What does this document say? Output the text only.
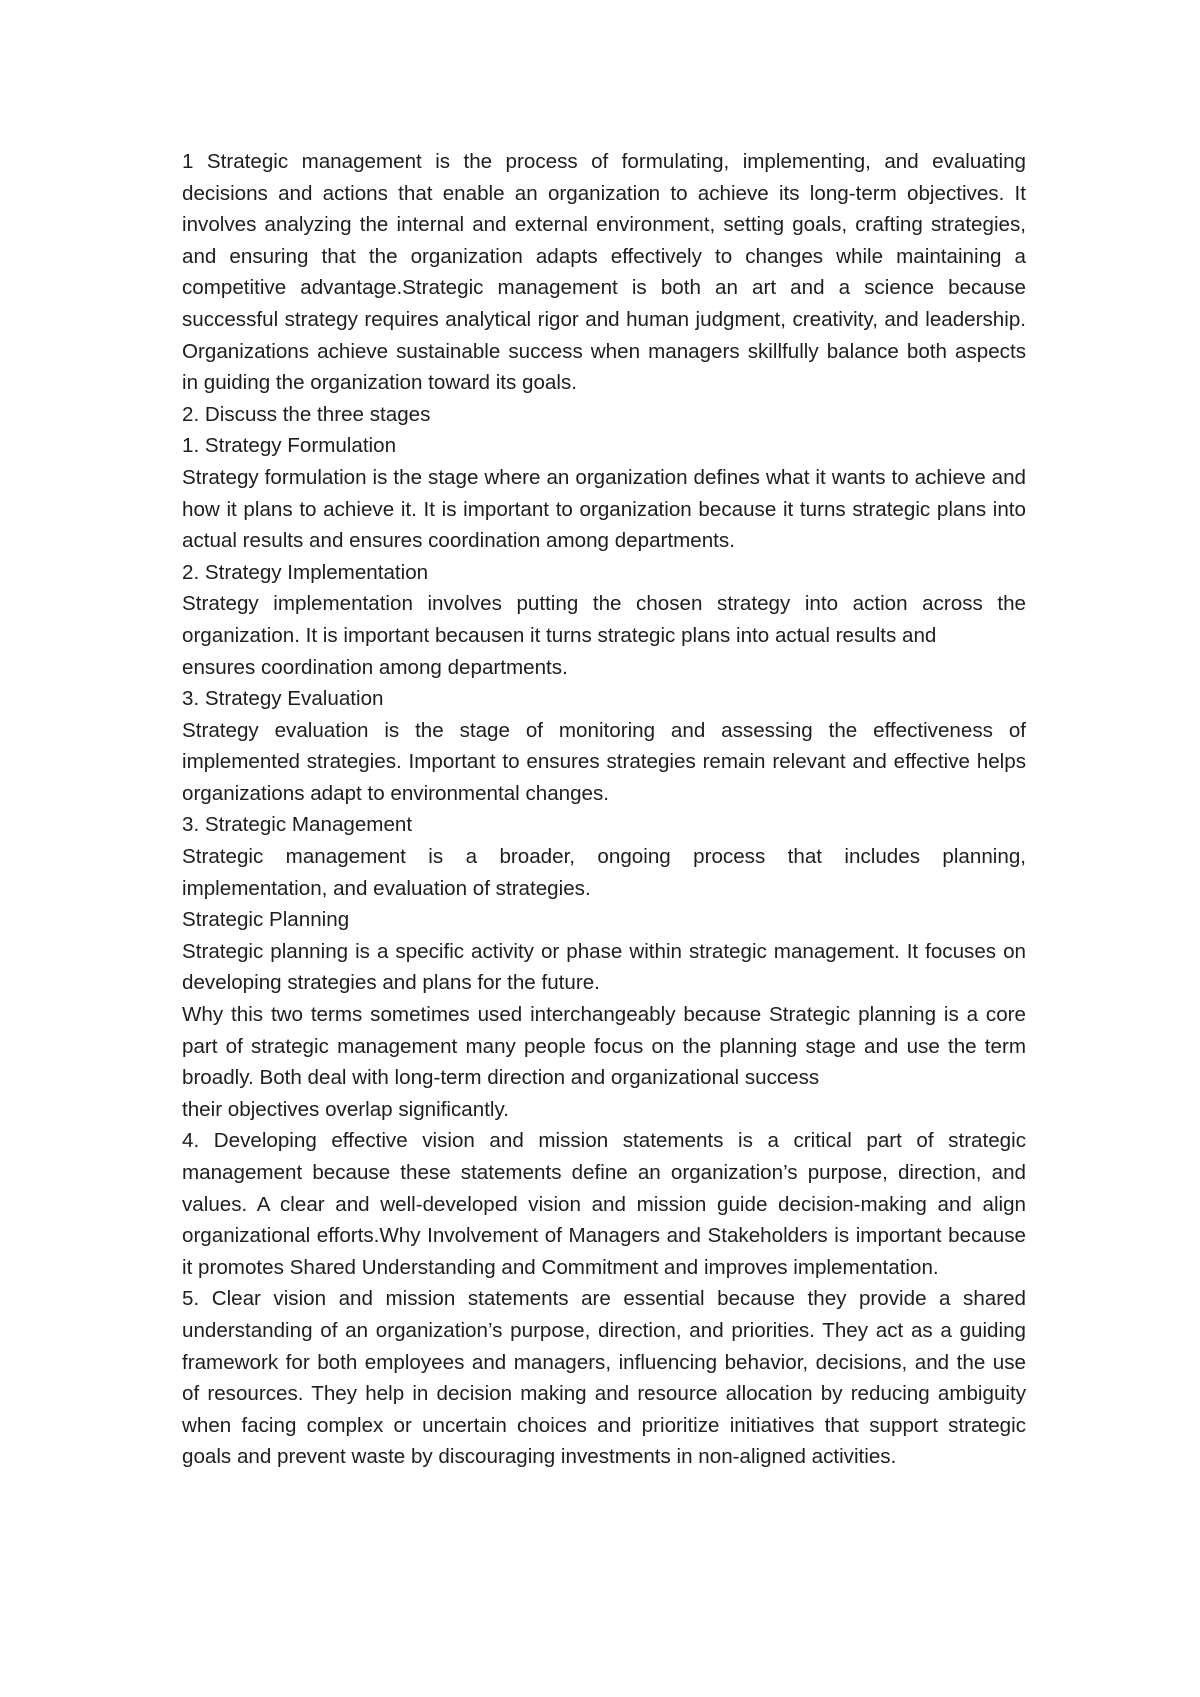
1 Strategic management is the process of formulating, implementing, and evaluating decisions and actions that enable an organization to achieve its long-term objectives. It involves analyzing the internal and external environment, setting goals, crafting strategies, and ensuring that the organization adapts effectively to changes while maintaining a competitive advantage.Strategic management is both an art and a science because successful strategy requires analytical rigor and human judgment, creativity, and leadership. Organizations achieve sustainable success when managers skillfully balance both aspects in guiding the organization toward its goals.

2. Discuss the three stages

1. Strategy Formulation

Strategy formulation is the stage where an organization defines what it wants to achieve and how it plans to achieve it. It is important to organization because it turns strategic plans into actual results and ensures coordination among departments.

2. Strategy Implementation

Strategy implementation involves putting the chosen strategy into action across the organization. It is important becausen it turns strategic plans into actual results and

ensures coordination among departments.

3. Strategy Evaluation

Strategy evaluation is the stage of monitoring and assessing the effectiveness of implemented strategies. Important to ensures strategies remain relevant and effective helps organizations adapt to environmental changes.

3. Strategic Management

Strategic management is a broader, ongoing process that includes planning, implementation, and evaluation of strategies.

Strategic Planning

Strategic planning is a specific activity or phase within strategic management. It focuses on developing strategies and plans for the future.

Why this two terms sometimes used interchangeably because Strategic planning is a core part of strategic management many people focus on the planning stage and use the term broadly. Both deal with long-term direction and organizational success

their objectives overlap significantly.

4. Developing effective vision and mission statements is a critical part of strategic management because these statements define an organization’s purpose, direction, and values. A clear and well-developed vision and mission guide decision-making and align organizational efforts.Why Involvement of Managers and Stakeholders is important because it promotes Shared Understanding and Commitment and improves implementation.

5. Clear vision and mission statements are essential because they provide a shared understanding of an organization’s purpose, direction, and priorities. They act as a guiding framework for both employees and managers, influencing behavior, decisions, and the use of resources. They help in decision making and resource allocation by reducing ambiguity when facing complex or uncertain choices and prioritize initiatives that support strategic goals and prevent waste by discouraging investments in non-aligned activities.
